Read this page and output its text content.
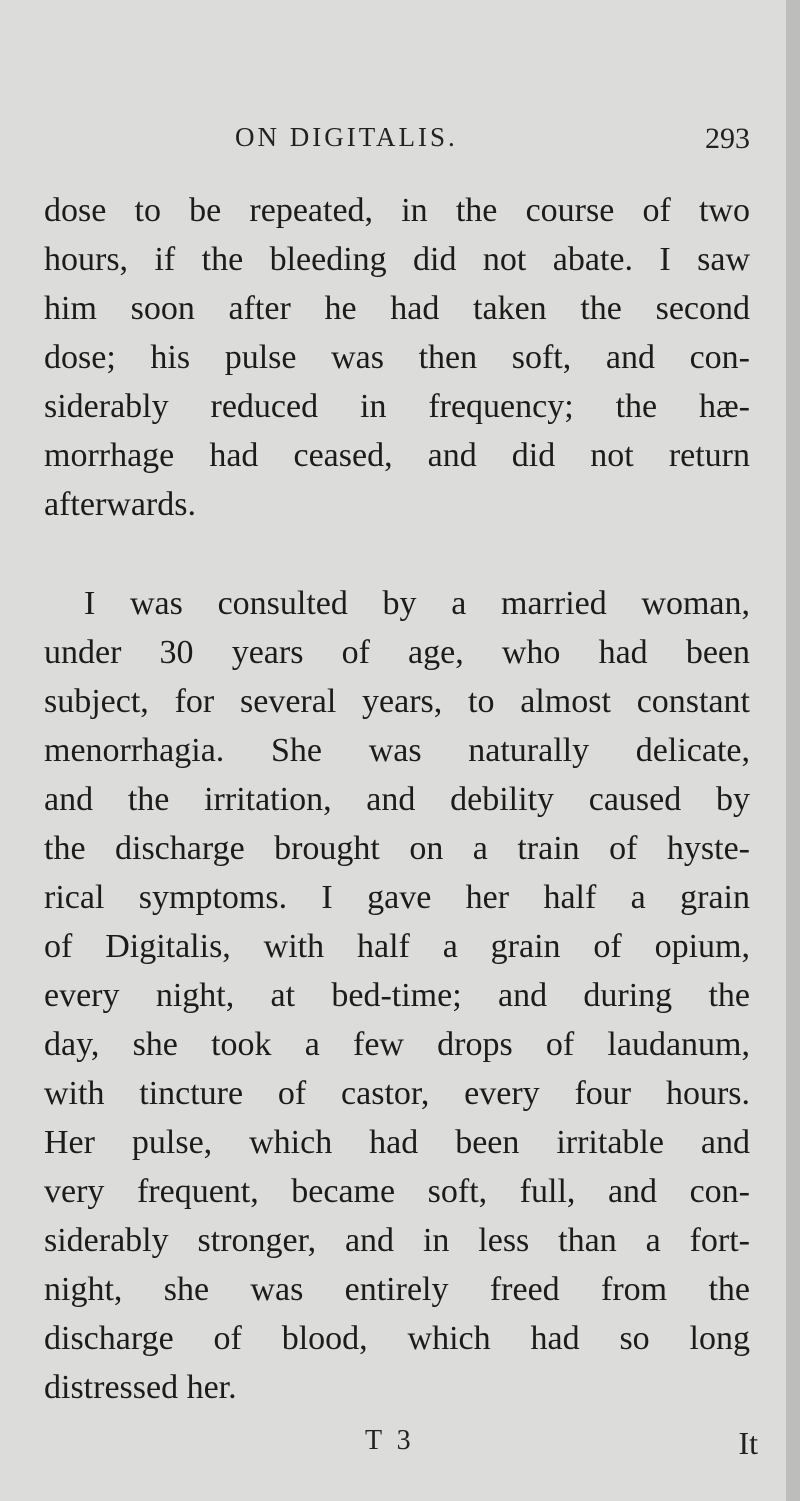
ON DIGITALIS.	293
dose to be repeated, in the course of two
hours, if the bleeding did not abate. I saw
him soon after he had taken the second
dose; his pulse was then soft, and con-
siderably reduced in frequency; the hæ-
morrhage had ceased, and did not return
afterwards.
I was consulted by a married woman,
under 30 years of age, who had been
subject, for several years, to almost constant
menorrhagia. She was naturally delicate,
and the irritation, and debility caused by
the discharge brought on a train of hyste-
rical symptoms. I gave her half a grain
of Digitalis, with half a grain of opium,
every night, at bed-time; and during the
day, she took a few drops of laudanum,
with tincture of castor, every four hours.
Her pulse, which had been irritable and
very frequent, became soft, full, and con-
siderably stronger, and in less than a fort-
night, she was entirely freed from the
discharge of blood, which had so long
distressed her.
T 3	It
